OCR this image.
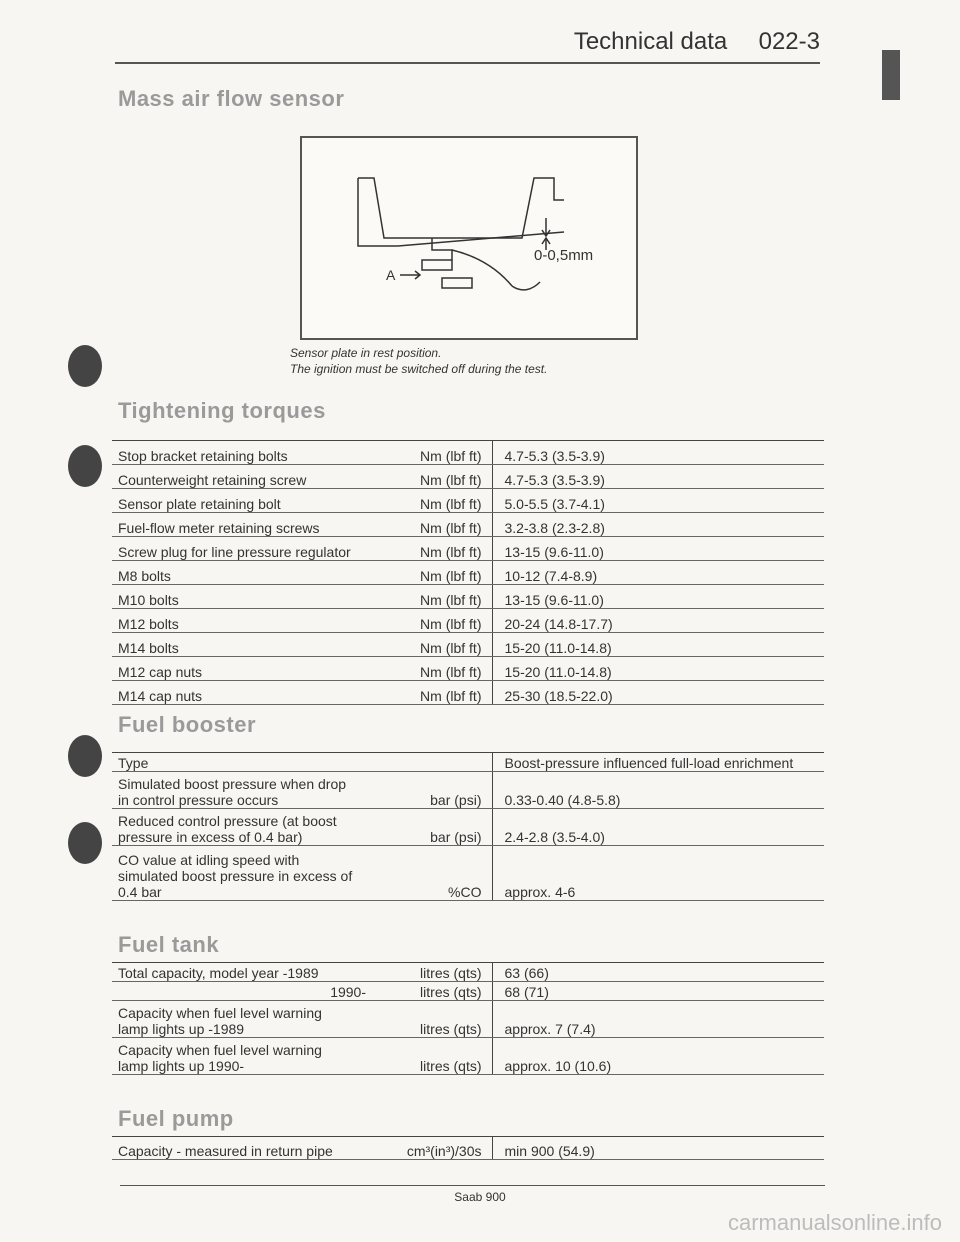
Technical data 022-3
Mass air flow sensor
A
0-0,5mm
Sensor plate in rest position.
The ignition must be switched off during the test.
Tightening torques
Stop bracket retaining bolts	Nm (lbf ft)	4.7-5.3 (3.5-3.9)

Counterweight retaining screw	Nm (lbf ft)	4.7-5.3 (3.5-3.9)

Sensor plate retaining bolt	Nm (lbf ft)	5.0-5.5 (3.7-4.1)

Fuel-flow meter retaining screws	Nm (lbf ft)	3.2-3.8 (2.3-2.8)

Screw plug for line pressure regulator	Nm (lbf ft)	13-15 (9.6-11.0)

M8 bolts	Nm (lbf ft)	10-12 (7.4-8.9)

M10 bolts	Nm (lbf ft)	13-15 (9.6-11.0)

M12 bolts	Nm (lbf ft)	20-24 (14.8-17.7)

M14 bolts	Nm (lbf ft)	15-20 (11.0-14.8)

M12 cap nuts	Nm (lbf ft)	15-20 (11.0-14.8)

M14 cap nuts	Nm (lbf ft)	25-30 (18.5-22.0)
Fuel booster
Type		Boost-pressure influenced full-load enrichment

Simulated boost pressure when drop
in control pressure occurs	bar (psi)	0.33-0.40 (4.8-5.8)

Reduced control pressure (at boost
pressure in excess of 0.4 bar)	bar (psi)	2.4-2.8 (3.5-4.0)

CO value at idling speed with
simulated boost pressure in excess of
0.4 bar	%CO	approx. 4-6
Fuel tank
Total capacity, model year -1989	litres (qts)	63 (66)

1990-	litres (qts)	68 (71)

Capacity when fuel level warning
lamp lights up -1989	litres (qts)	approx. 7 (7.4)

Capacity when fuel level warning
lamp lights up 1990-	litres (qts)	approx. 10 (10.6)
Fuel pump
Capacity - measured in return pipe	cm³(in³)/30s	min 900 (54.9)
Saab 900
carmanualsonline.info
